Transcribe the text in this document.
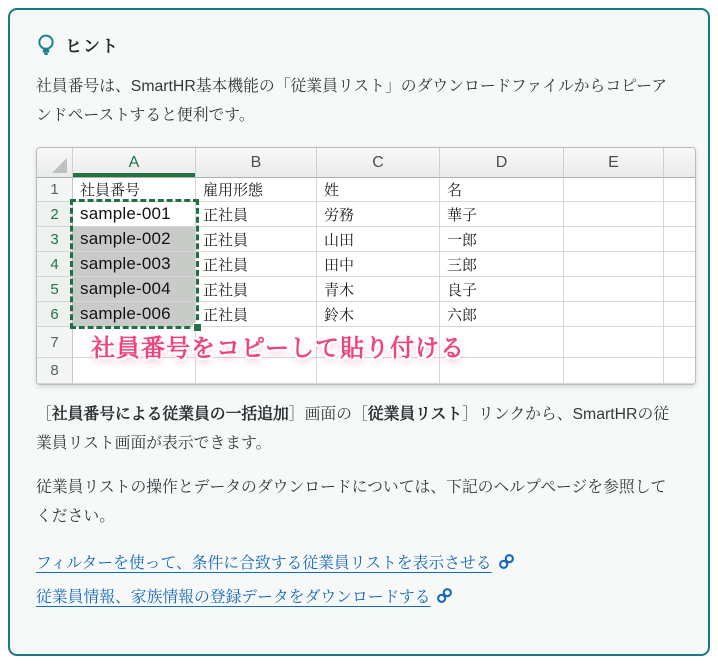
ヒント

社員番号は、SmartHR基本機能の「従業員リスト」のダウンロードファイルからコピーアンドペーストすると便利です。

A	B	C	D	E
1	社員番号	雇用形態	姓	名
2	sample-001	正社員	労務	華子
3	sample-002	正社員	山田	一郎
4	sample-003	正社員	田中	三郎
5	sample-004	正社員	青木	良子
6	sample-006	正社員	鈴木	六郎
7
8
社員番号をコピーして貼り付ける

［社員番号による従業員の一括追加］画面の［従業員リスト］リンクから、SmartHRの従業員リスト画面が表示できます。

従業員リストの操作とデータのダウンロードについては、下記のヘルプページを参照してください。

フィルターを使って、条件に合致する従業員リストを表示させる
従業員情報、家族情報の登録データをダウンロードする
